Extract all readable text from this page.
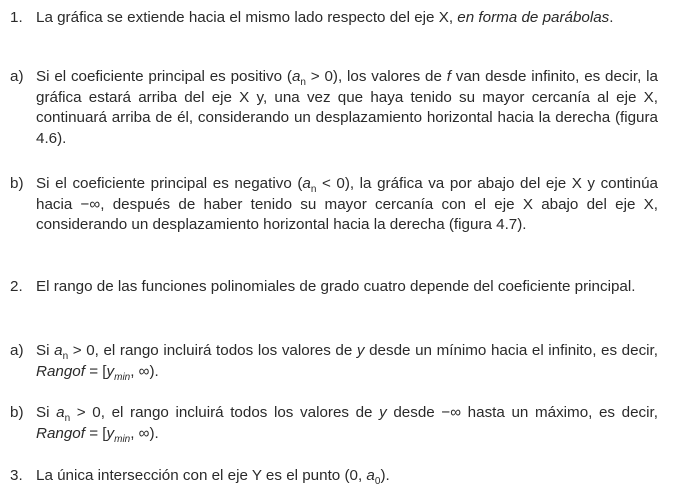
1. La gráfica se extiende hacia el mismo lado respecto del eje X, en forma de parábolas.
a) Si el coeficiente principal es positivo $(a_n > 0)$, los valores de f van desde infinito, es decir, la gráfica estará arriba del eje X y, una vez que haya tenido su mayor cercanía al eje X, continuará arriba de él, considerando un desplazamiento horizontal hacia la derecha (figura 4.6).
b) Si el coeficiente principal es negativo $(a_n < 0)$, la gráfica va por abajo del eje X y continúa hacia −∞, después de haber tenido su mayor cercanía con el eje X abajo del eje X, considerando un desplazamiento horizontal hacia la derecha (figura 4.7).
2. El rango de las funciones polinomiales de grado cuatro depende del coeficiente principal.
a) Si $a_n > 0$, el rango incluirá todos los valores de y desde un mínimo hacia el infinito, es decir, Rangof = [$y_{min}$, ∞).
b) Si $a_n > 0$, el rango incluirá todos los valores de y desde −∞ hasta un máximo, es decir, Rangof = [$y_{min}$, ∞).
3. La única intersección con el eje Y es el punto (0, $a_0$).
